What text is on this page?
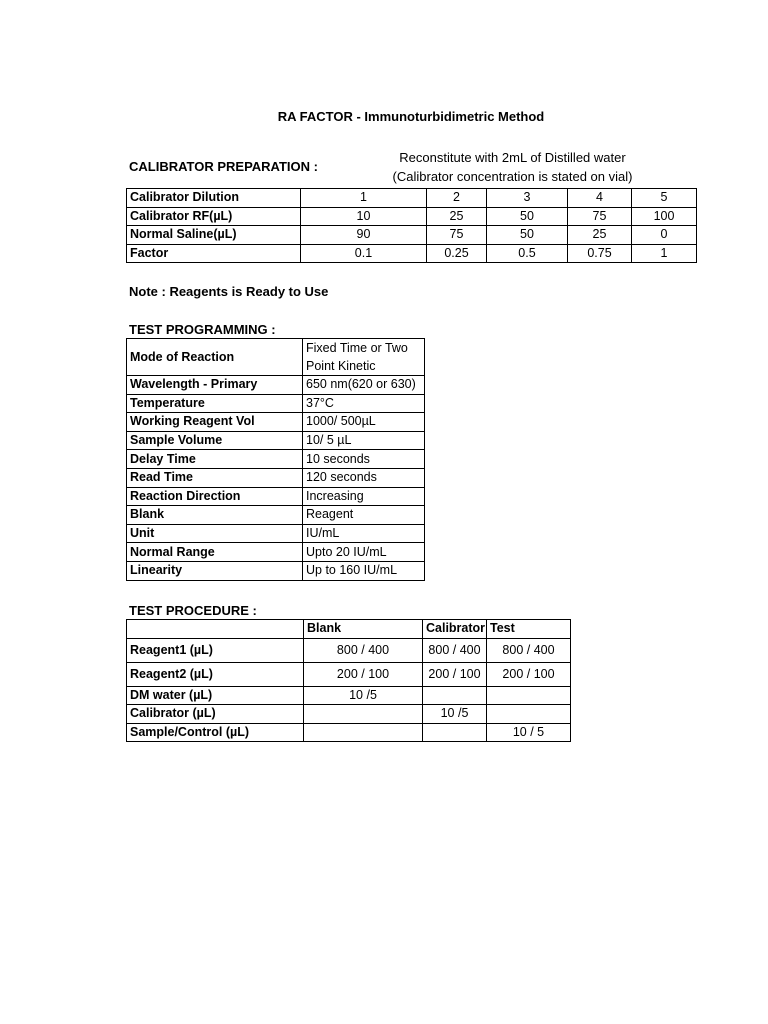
RA FACTOR - Immunoturbidimetric Method
CALIBRATOR PREPARATION :
Reconstitute with 2mL of Distilled water
(Calibrator concentration is stated on vial)
Calibrator Dilution	1	2	3	4	5
Calibrator RF(µL)	10	25	50	75	100
Normal Saline(µL)	90	75	50	25	0
Factor	0.1	0.25	0.5	0.75	1
Note : Reagents is Ready to Use
TEST PROGRAMMING :
Mode of Reaction	Fixed Time or Two Point Kinetic
Wavelength - Primary	650 nm(620 or 630)
Temperature	37°C
Working Reagent Vol	1000/ 500µL
Sample Volume	10/ 5 µL
Delay Time	10 seconds
Read Time	120 seconds
Reaction Direction	Increasing
Blank	Reagent
Unit	IU/mL
Normal Range	Upto 20 IU/mL
Linearity	Up to 160 IU/mL
TEST PROCEDURE :
	Blank	Calibrator	Test
Reagent1 (µL)	800 / 400	800 / 400	800 / 400
Reagent2 (µL)	200 / 100	200 / 100	200 / 100
DM water (µL)	10 /5		
Calibrator (µL)		10 /5	
Sample/Control (µL)			10 / 5
